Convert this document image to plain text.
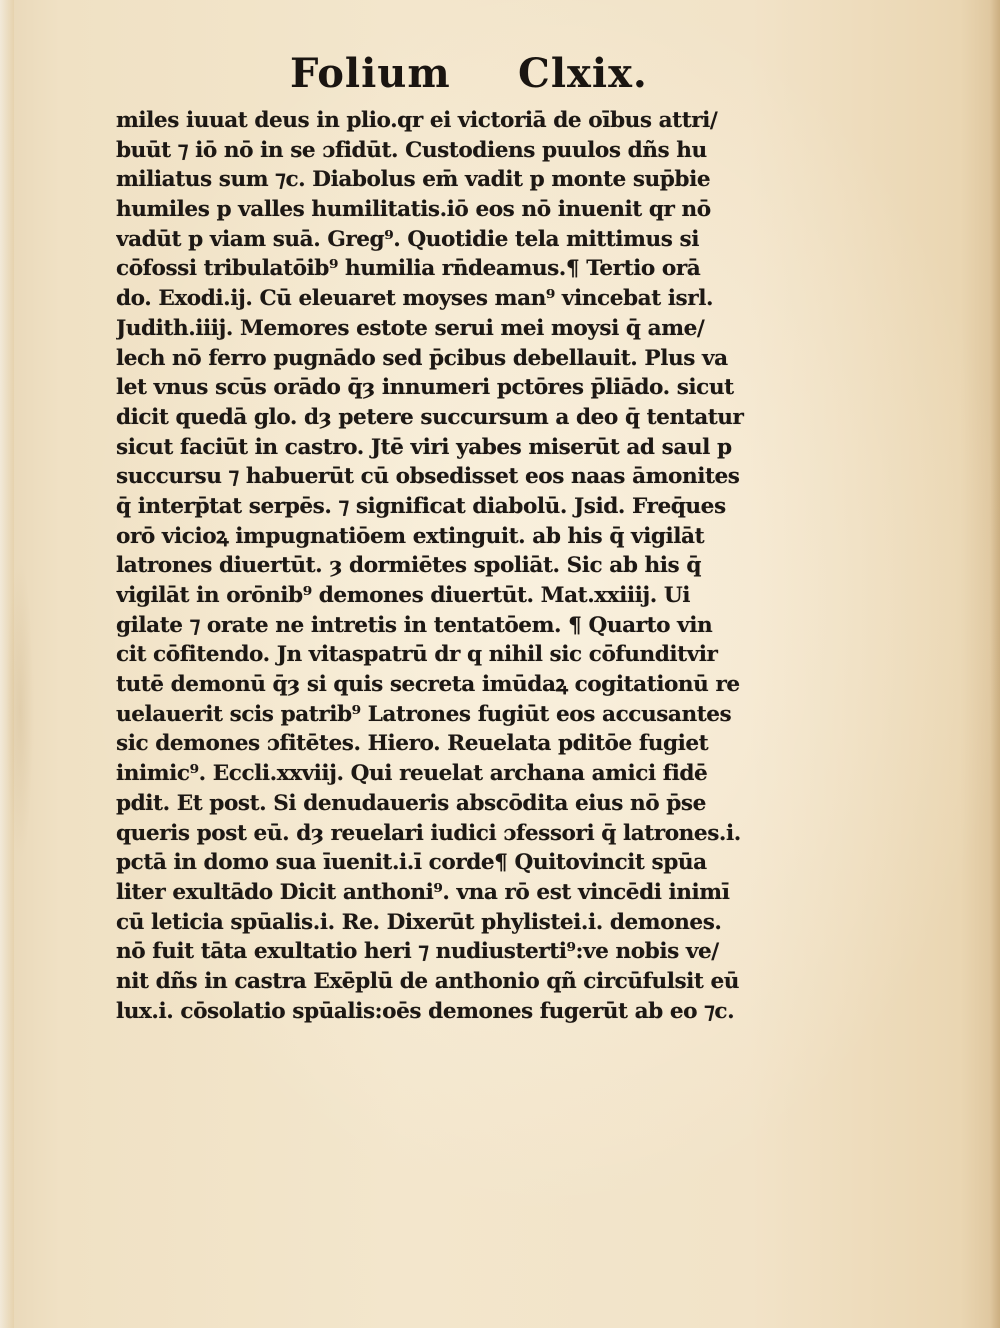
Folium Clxix.
miles iuuat deus in plio.qr ei victoriā de oībus attri/
buūt ⁊ iō nō in se ɔfidūt. Custodiens puulos dñs hu
miliatus sum ⁊c. Diabolus em̄ vadit p monte sup̄bie
humiles p valles humilitatis.iō eos nō inuenit qr nō
vadūt p viam suā. Greg⁹. Quotidie tela mittimus si
cōfossi tribulatōib⁹ humilia rn̄deamus.¶ Tertio orā
do. Exodi.ij. Cū eleuaret moyses man⁹ vincebat isrl.
Judith.iiij. Memores estote serui mei moysi q̄ ame/
lech nō ferro pugnādo sed p̄cibus debellauit. Plus va
let vnus scūs orādo q̄ȝ innumeri pctōres p̄liādo. sicut
dicit quedā glo. dȝ petere succursum a deo q̄ tentatur
sicut faciūt in castro. Jtē viri yabes miserūt ad saul p
succursu ⁊ habuerūt cū obsedisset eos naas āmonites
q̄ interp̄tat serpēs. ⁊ significat diabolū. Jsid. Freq̄ues
orō vicioꝝ impugnatiōem extinguit. ab his q̄ vigilāt
latrones diuertūt. ȝ dormiētes spoliāt. Sic ab his q̄
vigilāt in orōnib⁹ demones diuertūt. Mat.xxiiij. Ui
gilate ⁊ orate ne intretis in tentatōem. ¶ Quarto vin
cit cōfitendo. Jn vitaspatrū dr q nihil sic cōfunditvir
tutē demonū q̄ȝ si quis secreta imūdaꝝ cogitationū re
uelauerit scis patrib⁹ Latrones fugiūt eos accusantes
sic demones ɔfitētes. Hiero. Reuelata pditōe fugiet
inimic⁹. Eccli.xxviij. Qui reuelat archana amici fidē
pdit. Et post. Si denudaueris abscōdita eius nō p̄se
queris post eū. dȝ reuelari iudici ɔfessori q̄ latrones.i.
pctā in domo sua īuenit.i.ī corde¶ Quitovincit spūa
liter exultādo Dicit anthoni⁹. vna rō est vincēdi inimī
cū leticia spūalis.i. Re. Dixerūt phylistei.i. demones.
nō fuit tāta exultatio heri ⁊ nudiusterti⁹:ve nobis ve/
nit dñs in castra Exēplū de anthonio qñ circūfulsit eū
lux.i. cōsolatio spūalis:oēs demones fugerūt ab eo ⁊c.
